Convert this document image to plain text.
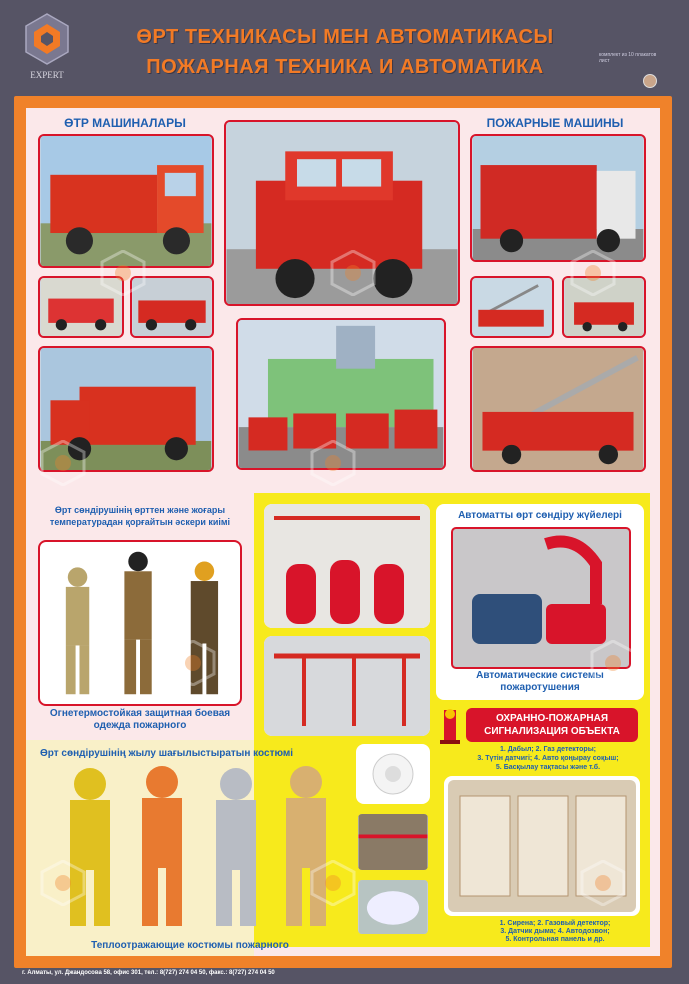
EXPERT
ӨРТ ТЕХНИКАСЫ МЕН АВТОМАТИКАСЫ
ПОЖАРНАЯ ТЕХНИКА И АВТОМАТИКА
комплект из 10 плакатов лист
ӨТР МАШИНАЛАРЫ	ПОЖАРНЫЕ МАШИНЫ
Өрт сөндірушінің өрттен және жоғары температурадан қорғайтын әскери киімі
Огнетермостойкая защитная боевая одежда пожарного
Автоматты өрт сөндіру жүйелері
Автоматические системы пожаротушения
ОХРАННО-ПОЖАРНАЯ
СИГНАЛИЗАЦИЯ ОБЪЕКТА
1. Дабыл; 2. Газ детекторы;
3. Түтін датчигі; 4. Авто қоңырау соқыш;
5. Басқылау тақтасы және т.б.
1. Сирена; 2. Газовый детектор;
3. Датчик дыма; 4. Автодозвон;
5. Контрольная панель и др.
Өрт сөндірушінің жылу шағылыстыратын костюмі
Теплоотражающие костюмы пожарного
г. Алматы, ул. Джандосова 58, офис 301, тел.: 8(727) 274 04 50, факс.: 8(727) 274 04 50
